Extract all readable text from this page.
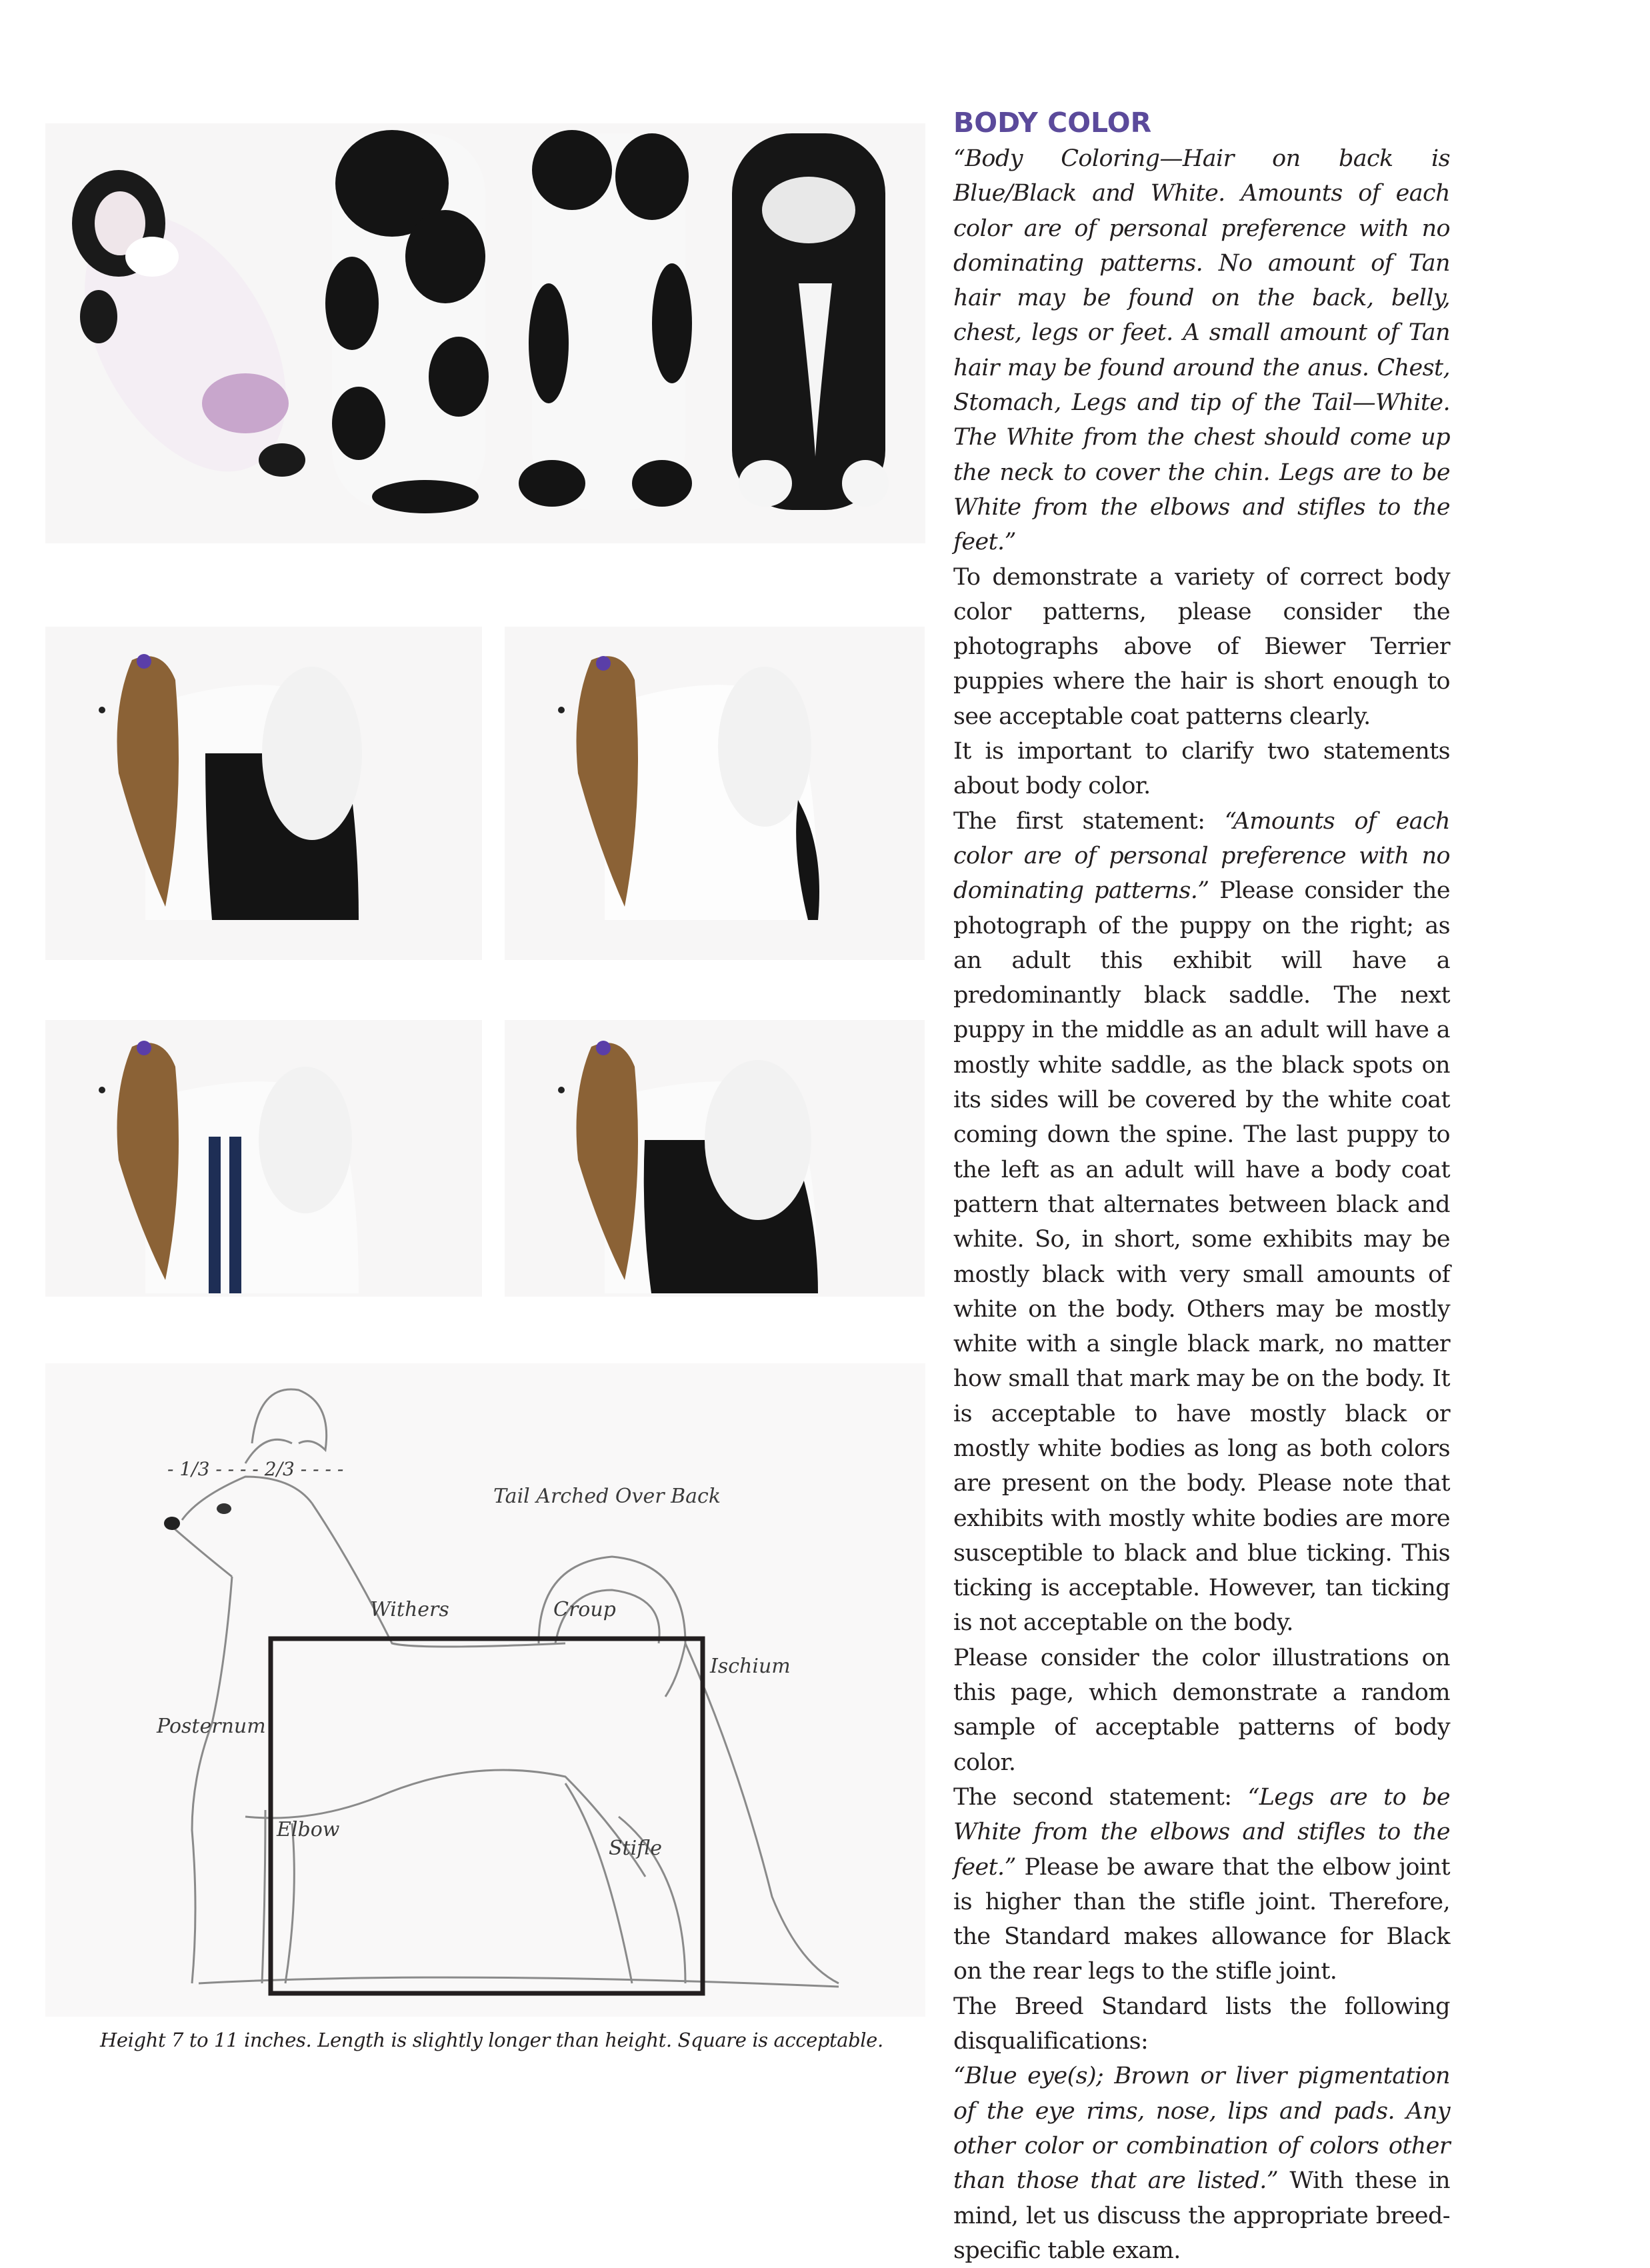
- 1/3 - - - - 2/3 - - - -
Tail Arched Over Back
Withers	Croup
Ischium
Posternum
Elbow
Stifle
Height 7 to 11 inches. Length is slightly longer than height. Square is acceptable.
BODY COLOR

“Body Coloring—Hair on back is Blue/Black and White. Amounts of each color are of personal preference with no dominating patterns. No amount of Tan hair may be found on the back, belly, chest, legs or feet. A small amount of Tan hair may be found around the anus. Chest, Stomach, Legs and tip of the Tail—White. The White from the chest should come up the neck to cover the chin. Legs are to be White from the elbows and stifles to the feet.”

To demonstrate a variety of correct body color patterns, please consider the photographs above of Biewer Terrier puppies where the hair is short enough to see acceptable coat patterns clearly.

It is important to clarify two statements about body color.

The first statement: “Amounts of each color are of personal preference with no dominating patterns.” Please consider the photograph of the puppy on the right; as an adult this exhibit will have a predominantly black saddle. The next puppy in the middle as an adult will have a mostly white saddle, as the black spots on its sides will be covered by the white coat coming down the spine. The last puppy to the left as an adult will have a body coat pattern that alternates between black and white. So, in short, some exhibits may be mostly black with very small amounts of white on the body. Others may be mostly white with a single black mark, no matter how small that mark may be on the body. It is acceptable to have mostly black or mostly white bodies as long as both colors are present on the body. Please note that exhibits with mostly white bodies are more susceptible to black and blue ticking. This ticking is acceptable. However, tan ticking is not acceptable on the body.

Please consider the color illustrations on this page, which demonstrate a random sample of acceptable patterns of body color.

The second statement: “Legs are to be White from the elbows and stifles to the feet.” Please be aware that the elbow joint is higher than the stifle joint. Therefore, the Standard makes allowance for Black on the rear legs to the stifle joint.

The Breed Standard lists the following disqualifications:

“Blue eye(s); Brown or liver pigmentation of the eye rims, nose, lips and pads. Any other color or combination of colors other than those that are listed.” With these in mind, let us discuss the appropriate breed-specific table exam.
